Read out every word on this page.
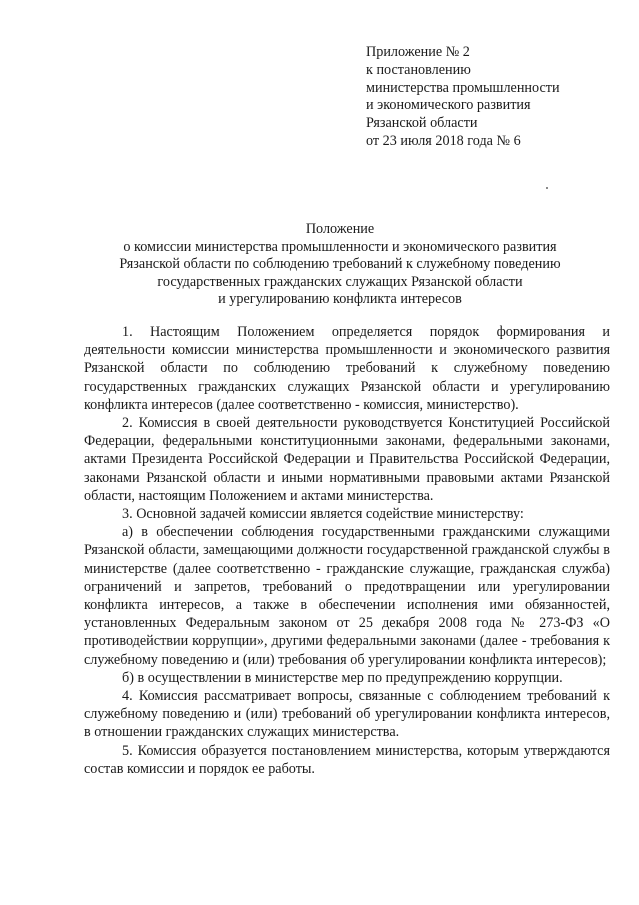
Приложение № 2
к постановлению
министерства промышленности
и экономического развития
Рязанской области
от 23 июля 2018 года № 6
Положение
о комиссии министерства промышленности и экономического развития
Рязанской области по соблюдению требований к служебному поведению
государственных гражданских служащих Рязанской области
и урегулированию конфликта интересов

1. Настоящим Положением определяется порядок формирования и деятельности комиссии министерства промышленности и экономического развития Рязанской области по соблюдению требований к служебному поведению государственных гражданских служащих Рязанской области и урегулированию конфликта интересов (далее соответственно - комиссия, министерство).

2. Комиссия в своей деятельности руководствуется Конституцией Российской Федерации, федеральными конституционными законами, федеральными законами, актами Президента Российской Федерации и Правительства Российской Федерации, законами Рязанской области и иными нормативными правовыми актами Рязанской области, настоящим Положением и актами министерства.

3. Основной задачей комиссии является содействие министерству:

а) в обеспечении соблюдения государственными гражданскими служащими Рязанской области, замещающими должности государственной гражданской службы в министерстве (далее соответственно - гражданские служащие, гражданская служба) ограничений и запретов, требований о предотвращении или урегулировании конфликта интересов, а также в обеспечении исполнения ими обязанностей, установленных Федеральным законом от 25 декабря 2008 года № 273-ФЗ «О противодействии коррупции», другими федеральными законами (далее - требования к служебному поведению и (или) требования об урегулировании конфликта интересов);

б) в осуществлении в министерстве мер по предупреждению коррупции.

4. Комиссия рассматривает вопросы, связанные с соблюдением требований к служебному поведению и (или) требований об урегулировании конфликта интересов, в отношении гражданских служащих министерства.

5. Комиссия образуется постановлением министерства, которым утверждаются состав комиссии и порядок ее работы.
